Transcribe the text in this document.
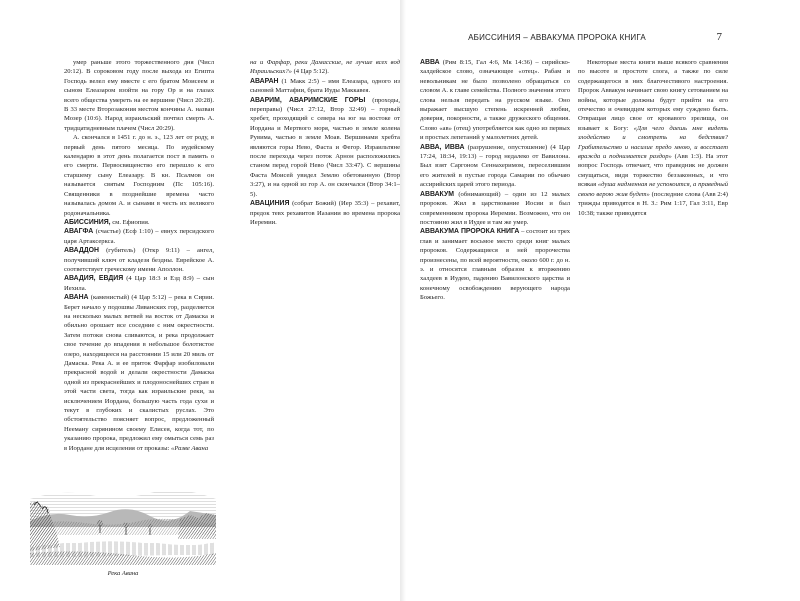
АБИССИНИЯ – АВВАКУМА ПРОРОКА КНИГА	7

умер раньше этого торжественного дня (Числ 20:12). В сороковом году после выхода из Египта Господь велел ему вместе с его братом Моисеем и сыном Елеазаром взойти на гору Ор и на глазах всего общества умереть на ее вершине (Числ 20:28). В 33 месте Второзакония местом кончины А. назван Мозер (10:6). Народ израильский почтил смерть А. тридцатидневным плачем (Числ 20:29).

А. скончался в 1451 г. до н. э., 123 лет от роду, в первый день пятого месяца. По иудейскому календарю в этот день полагается пост в память о его смерти. Первосвященство его перешло к его старшему сыну Елеазару. В кн. Псалмов он называется святым Господним (Пс 105:16). Священники в позднейшие времена часто называлась домом А. и сынами в честь их великого родоначальника.

АБИССИНИЯ, см. Ефиопия.

АВАГФА (счастье) (Есф 1:10) – евнух персидского царя Артаксеркса.

АВАДДОН (губитель) (Откр 9:11) – ангел, получивший ключ от кладезя бездны. Еврейское А. соответствует греческому имени Аполлон.

АВАДИЯ, ЕВДИЯ (4 Цар 18:3 и Езд 8:9) – сын Иехила.

АВАНА (каменистый) (4 Цар 5:12) – река в Сирии. Берет начало у подошвы Ливанских гор, разделяется на несколько малых ветвей на восток от Дамаска и обильно орошает все соседние с ним окрестности. Затем потоки снова сливаются, и река продолжает свое течение до впадения в небольшое болотистое озеро, находящееся на расстоянии 15 или 20 миль от Дамаска. Река А. и ее приток Фарфар изобиловали прекрасной водой и делали окрестности Дамаска одной из прекраснейших и плодоноснейших стран в этой части света, тогда как израильские реки, за исключением Иордана, большую часть года сухи и текут в глубоких и скалистых руслах. Это обстоятельство поясняет вопрос, предложенный Нееману сирянином своему Елисея, когда тот, по указанию пророка, предложил ему омыться семь раз в Иордане для исцеления от проказы: «Разве Авана

на и Фарфар, реки Дамасские, не лучше всех вод Израильских?» (4 Цар 5:12).

АВАРАН (1 Макк 2:5) – имя Елеазара, одного из сыновей Маттафии, брата Иуды Маккавея.

АВАРИМ, АВАРИМСКИЕ ГОРЫ (проходы, переправы) (Числ 27:12, Втор 32:49) – горный хребет, проходящий с севера на юг на востоке от Иордана и Мертвого моря, частью в земле колена Рувима, частью в земле Моав. Вершинами хребта являются горы Нево, Фаста и Фегор. Израильтяне после перехода через поток Арнон расположились станом перед горой Нево (Числ 33:47). С вершины Фаста Моисей увидел Землю обетованную (Втор 3:27), и на одной из гор А. он скончался (Втор 34:1–5).

АВАЦИНИЯ (собрат Божий) (Иер 35:3) – рехавит, предок тевх рехавитов Иазании во времена пророка Иеремии.

АВВА (Рим 8:15, Гал 4:6, Мк 14:36) – сирийско-халдейское слово, означающее «отец». Рабам и невольникам не было позволено обращаться со словом А. к главе семейства. Полного значения этого слова нельзя передать на русском языке. Оно выражает высшую степень искренней любви, доверия, покорности, а также дружеского общения. Слово «ав» (отец) употребляется как одно из первых и простых лепетаний у малолетних детей.

АВВА, ИВВА (разрушение, опустошение) (4 Цар 17:24, 18:34, 19:13) – город недалеко от Вавилона. Был взят Саргоном Сеннахеримом, переселившим его жителей в пустые города Самарии по обычаю ассирийских царей этого периода.

АВВАКУМ (обнимающий) – один из 12 малых пророков. Жил в царствование Иосии и был современником пророка Иеремии. Возможно, что он постоянно жил в Иудее и там же умер.

АВВАКУМА ПРОРОКА КНИГА – состоит из трех глав и занимает восьмое место среди книг малых пророков. Содержащиеся в ней пророчества произнесены, по всей вероятности, около 600 г. до н. э. и относятся главным образом к вторжению халдеев в Иудею, падению Вавилонского царства и конечному освобождению верующего народа Божьего.

Некоторые места книги выше всякого сравнения по высоте и простоте слога, а также по силе содержащегося в них благочестивого настроения. Пророк Аввакум начинает свою книгу сетованием на войны, которые должны будут прийти на его отечество и очевидцем которых ему суждено быть. Отвращая лицо свое от кровавого зрелища, он взывает к Богу: «Для чего даешь мне видеть злодейство и смотреть на бедствия? Грабительство и насилие предо мною, и восстает вражда и поднимается раздор» (Авв 1:3). На этот вопрос Господь отвечает, что праведник не должен смущаться, видя торжество беззаконных, и что всякая «душа надменная не успокоится, а праведный своею верою жив будет» (последние слова (Авв 2:4) трижды приводятся в Н. З.: Рим 1:17, Гал 3:11, Евр 10:38; также приводятся

Река Авана
